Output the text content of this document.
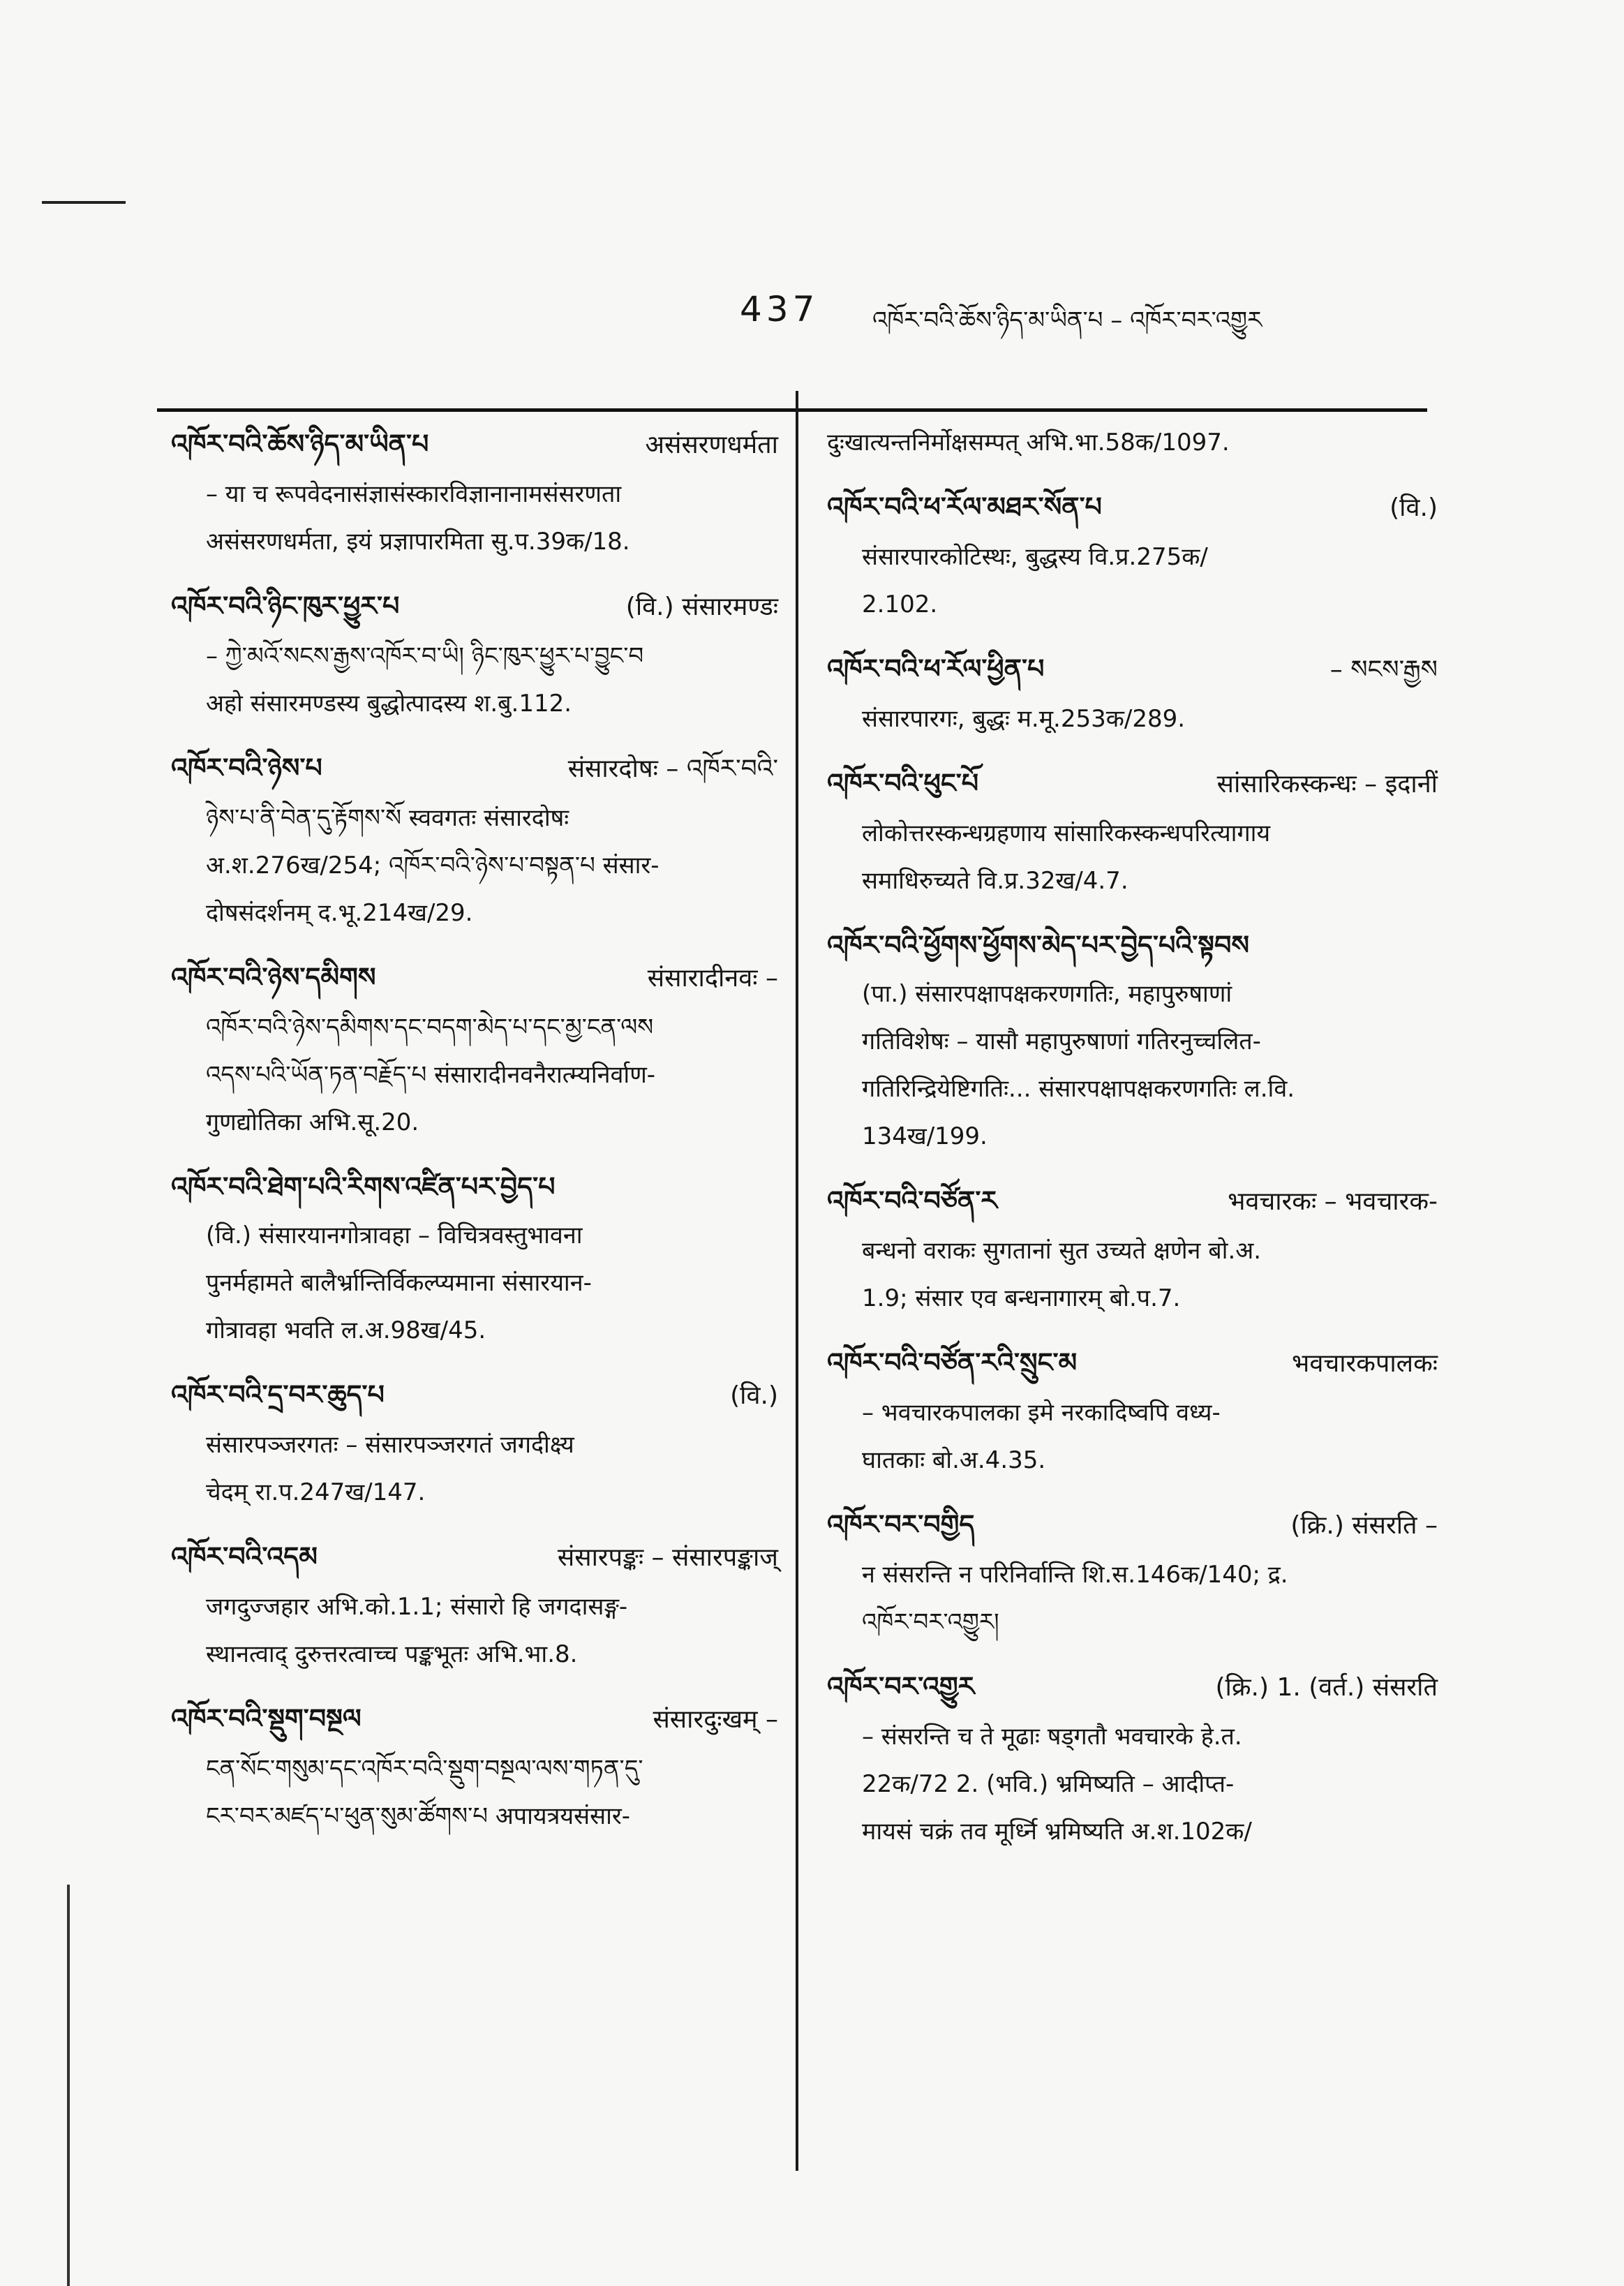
437 འཁོར་བའི་ཆོས་ཉིད་མ་ཡིན་པ – འཁོར་བར་འགྱུར
འཁོར་བའི་ཆོས་ཉིད་མ་ཡིན་པ	असंसरणधर्मता
– या च रूपवेदनासंज्ञासंस्कारविज्ञानानामसंसरणता
असंसरणधर्मता, इयं प्रज्ञापारमिता सु.प.39क/18.
འཁོར་བའི་ཉིང་ཁུར་ཕྱུར་པ	(वि.) संसारमण्डः
– ཀྱེ་མའོ་སངས་རྒྱས་འཁོར་བ་ཡི། ཉིང་ཁུར་ཕྱུར་པ་བྱུང་བ
अहो संसारमण्डस्य बुद्धोत्पादस्य श.बु.112.
འཁོར་བའི་ཉེས་པ	संसारदोषः – འཁོར་བའི་
ཉེས་པ་ནི་བེན་དུ་རྟོགས་སོ स्ववगतः संसारदोषः
अ.श.276ख/254; འཁོར་བའི་ཉེས་པ་བསྟན་པ संसार-
दोषसंदर्शनम् द.भू.214ख/29.
འཁོར་བའི་ཉེས་དམིགས	संसारादीनवः –
འཁོར་བའི་ཉེས་དམིགས་དང་བདག་མེད་པ་དང་མྱ་ངན་ལས
འདས་པའི་ཡོན་ཏན་བརྗོད་པ संसारादीनवनैरात्म्यनिर्वाण-
गुणद्योतिका अभि.सू.20.
འཁོར་བའི་ཐེག་པའི་རིགས་འཛིན་པར་བྱེད་པ
(वि.) संसारयानगोत्रावहा – विचित्रवस्तुभावना
पुनर्महामते बालैर्भ्रान्तिर्विकल्प्यमाना संसारयान-
गोत्रावहा भवति ल.अ.98ख/45.
འཁོར་བའི་དྲ་བར་ཆུད་པ	(वि.)
संसारपञ्जरगतः – संसारपञ्जरगतं जगदीक्ष्य
चेदम् रा.प.247ख/147.
འཁོར་བའི་འདམ	संसारपङ्कः – संसारपङ्काज्
जगदुज्जहार अभि.को.1.1; संसारो हि जगदासङ्ग-
स्थानत्वाद् दुरुत्तरत्वाच्च पङ्कभूतः अभि.भा.8.
འཁོར་བའི་སྡུག་བསྔལ	संसारदुःखम् –
ངན་སོང་གསུམ་དང་འཁོར་བའི་སྡུག་བསྔལ་ལས་གཏན་དུ་
ངར་བར་མཛད་པ་ཕུན་སུམ་ཚོགས་པ अपायत्रयसंसार-
दुःखात्यन्तनिर्मोक्षसम्पत् अभि.भा.58क/1097.
འཁོར་བའི་ཕ་རོལ་མཐར་སོན་པ	(वि.)
संसारपारकोटिस्थः, बुद्धस्य वि.प्र.275क/
2.102.
འཁོར་བའི་ཕ་རོལ་ཕྱིན་པ	– སངས་རྒྱས
संसारपारगः, बुद्धः म.मू.253क/289.
འཁོར་བའི་ཕུང་པོ	सांसारिकस्कन्धः – इदानीं
लोकोत्तरस्कन्धग्रहणाय सांसारिकस्कन्धपरित्यागाय
समाधिरुच्यते वि.प्र.32ख/4.7.
འཁོར་བའི་ཕྱོགས་ཕྱོགས་མེད་པར་བྱེད་པའི་སྟབས
(पा.) संसारपक्षापक्षकरणगतिः, महापुरुषाणां
गतिविशेषः – यासौ महापुरुषाणां गतिरनुच्चलित-
गतिरिन्द्रियेष्टिगतिः... संसारपक्षापक्षकरणगतिः ल.वि.
134ख/199.
འཁོར་བའི་བཙོན་ར	भवचारकः – भवचारक-
बन्धनो वराकः सुगतानां सुत उच्यते क्षणेन बो.अ.
1.9; संसार एव बन्धनागारम् बो.प.7.
འཁོར་བའི་བཙོན་རའི་སྲུང་མ	भवचारकपालकः
– भवचारकपालका इमे नरकादिष्वपि वध्य-
घातकाः बो.अ.4.35.
འཁོར་བར་བགྱིད	(क्रि.) संसरति –
न संसरन्ति न परिनिर्वान्ति शि.स.146क/140; द्र.
འཁོར་བར་འགྱུར།
འཁོར་བར་འགྱུར	(क्रि.) 1. (वर्त.) संसरति
– संसरन्ति च ते मूढाः षड्गतौ भवचारके हे.त.
22क/72 2. (भवि.) भ्रमिष्यति – आदीप्त-
मायसं चक्रं तव मूर्ध्नि भ्रमिष्यति अ.श.102क/
